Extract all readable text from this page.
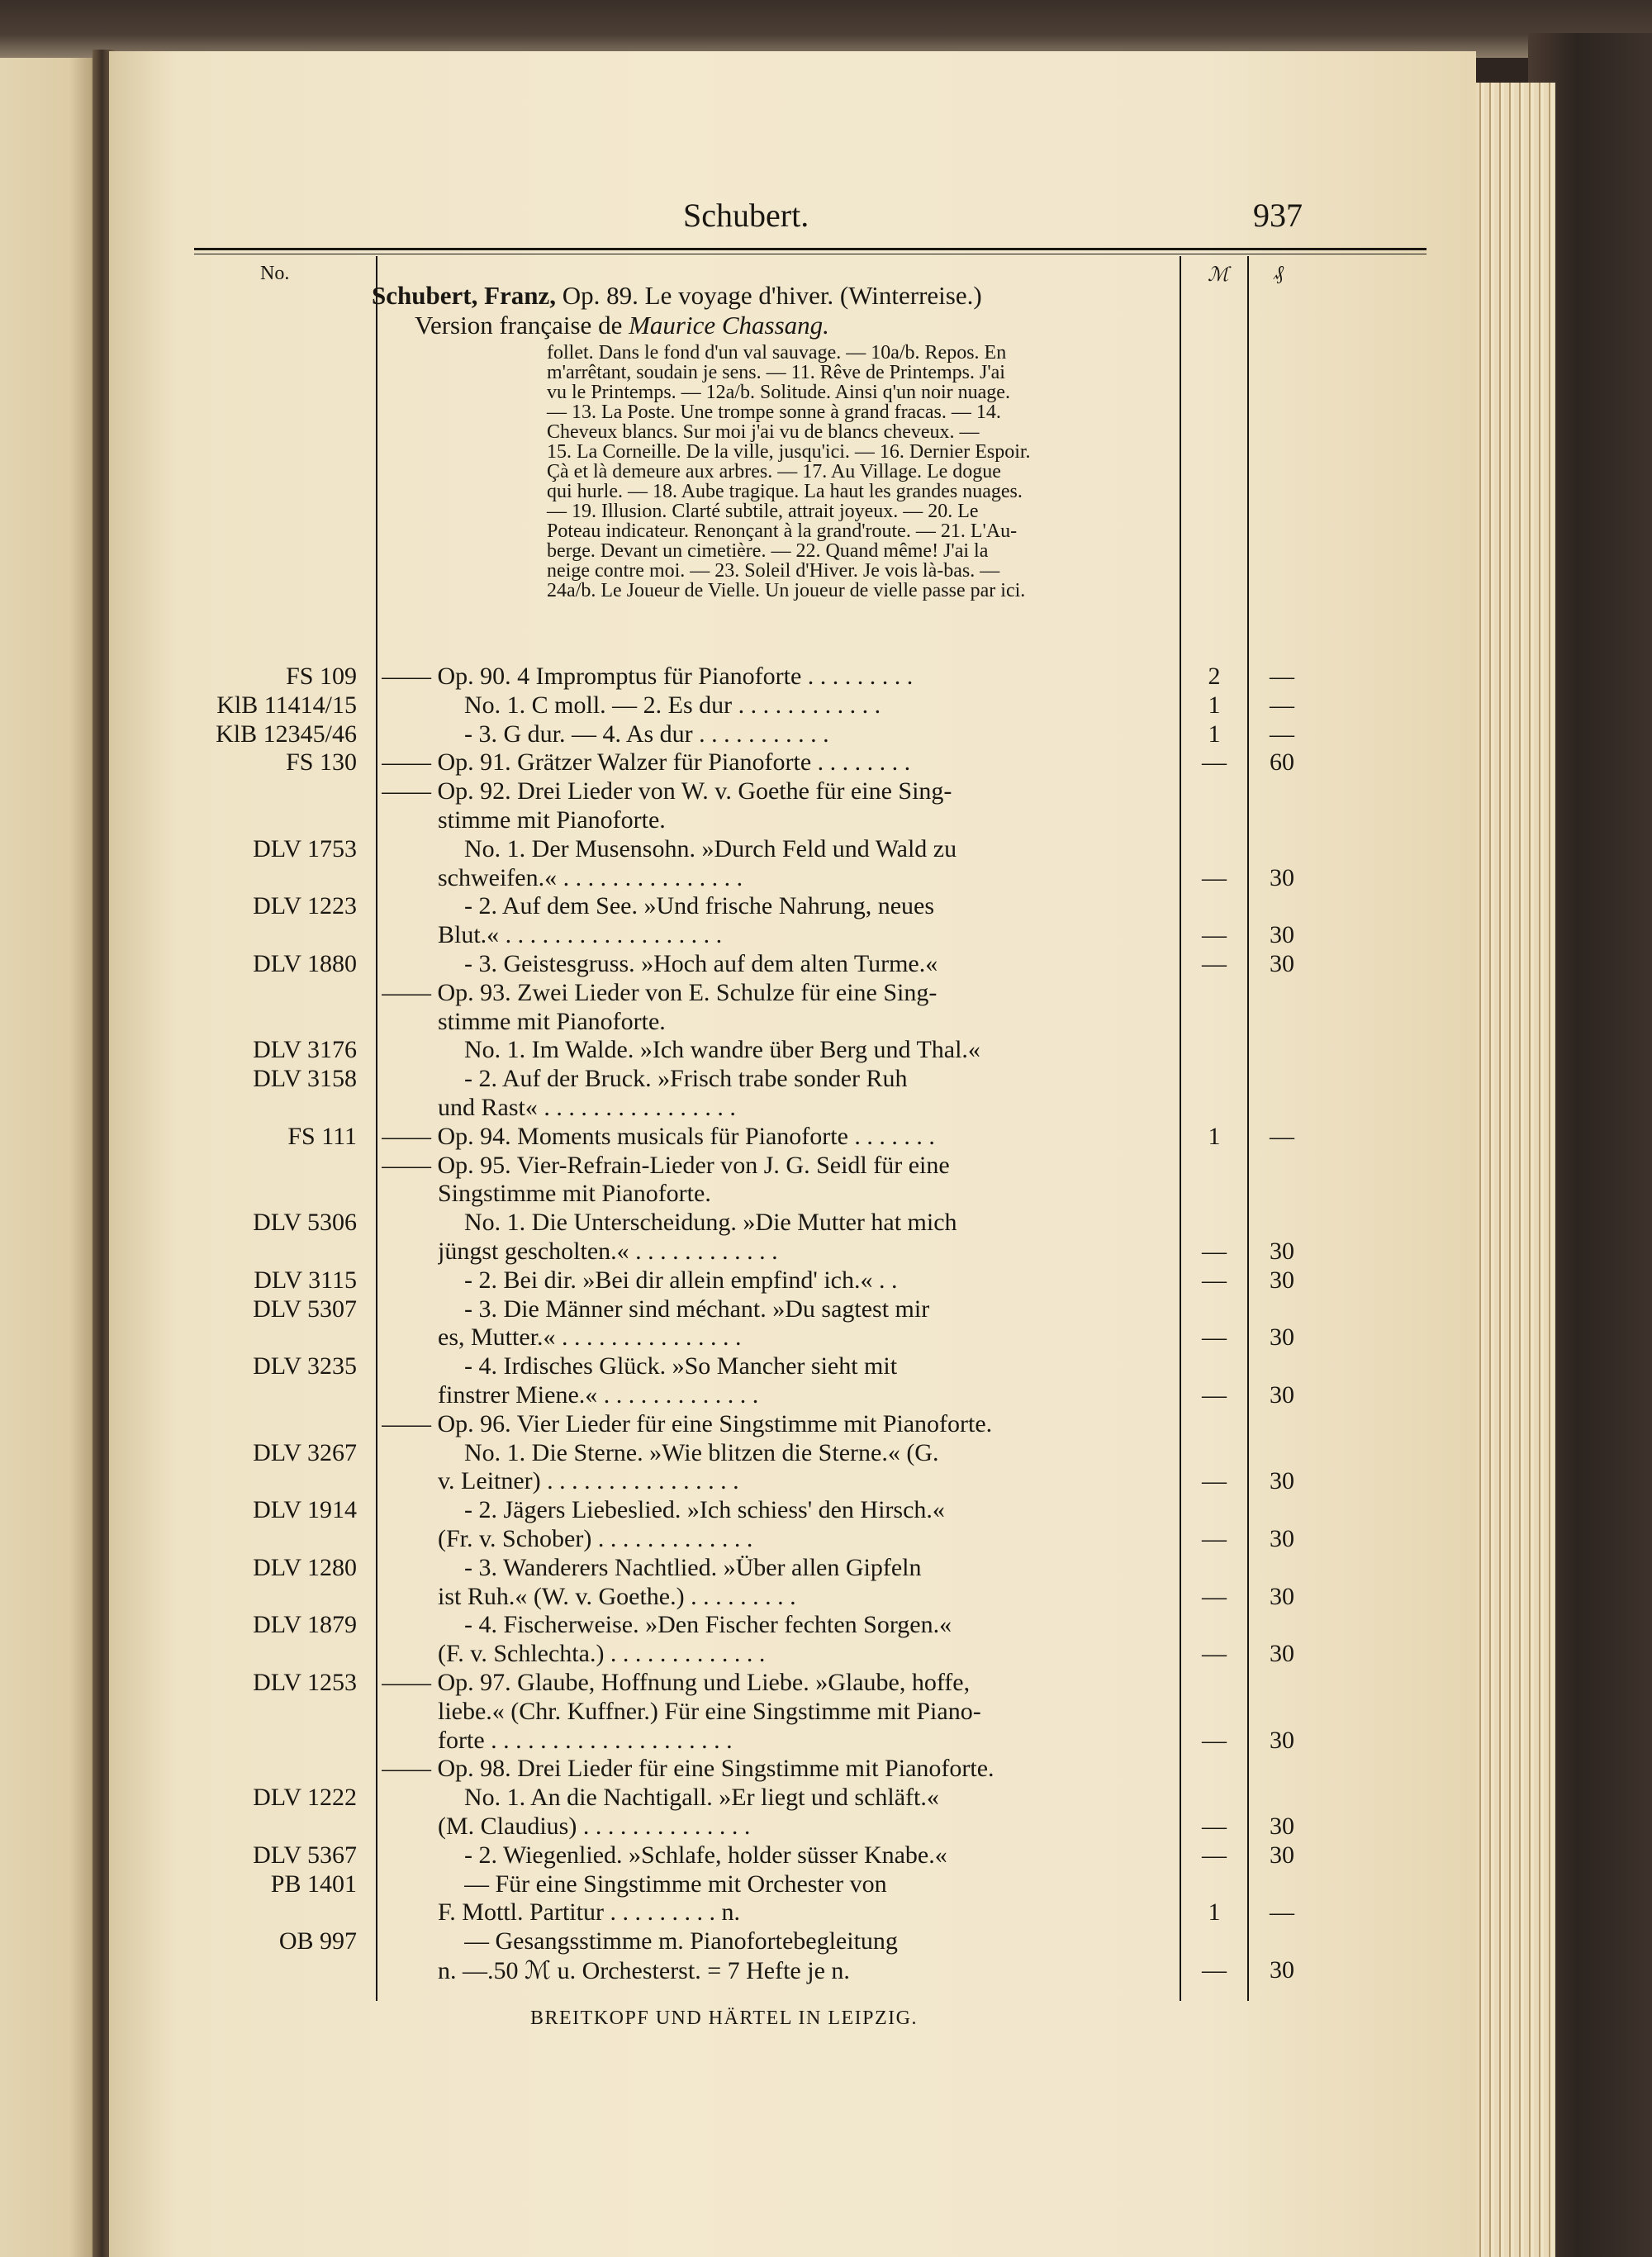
Schubert.	937
No.	ℳ ₰
Schubert, Franz, Op. 89. Le voyage d'hiver. (Winterreise.)
Version française de Maurice Chassang.
follet. Dans le fond d'un val sauvage. — 10a/b. Repos. En
m'arrêtant, soudain je sens. — 11. Rêve de Printemps. J'ai
vu le Printemps. — 12a/b. Solitude. Ainsi q'un noir nuage.
— 13. La Poste. Une trompe sonne à grand fracas. — 14.
Cheveux blancs. Sur moi j'ai vu de blancs cheveux. —
15. La Corneille. De la ville, jusqu'ici. — 16. Dernier Espoir.
Çà et là demeure aux arbres. — 17. Au Village. Le dogue
qui hurle. — 18. Aube tragique. La haut les grandes nuages.
— 19. Illusion. Clarté subtile, attrait joyeux. — 20. Le
Poteau indicateur. Renonçant à la grand'route. — 21. L'Au-
berge. Devant un cimetière. — 22. Quand même! J'ai la
neige contre moi. — 23. Soleil d'Hiver. Je vois là-bas. —
24a/b. Le Joueur de Vielle. Un joueur de vielle passe par ici.
FS 109 —— Op. 90. 4 Impromptus für Pianoforte . . . . . . . . .	2	—
KlB 11414/15	No. 1. C moll. — 2. Es dur . . . . . . . . . . . .	1	—
KlB 12345/46	- 3. G dur. — 4. As dur . . . . . . . . . . .	1	—
FS 130 —— Op. 91. Grätzer Walzer für Pianoforte . . . . . . . .	— 60
—— Op. 92. Drei Lieder von W. v. Goethe für eine Sing-
stimme mit Pianoforte.
DLV 1753	No. 1. Der Musensohn. »Durch Feld und Wald zu
schweifen.« . . . . . . . . . . . . . . .	— 30
DLV 1223	- 2. Auf dem See. »Und frische Nahrung, neues
Blut.« . . . . . . . . . . . . . . . . . .	— 30
DLV 1880	- 3. Geistesgruss. »Hoch auf dem alten Turme.«	— 30
—— Op. 93. Zwei Lieder von E. Schulze für eine Sing-
stimme mit Pianoforte.
DLV 3176	No. 1. Im Walde. »Ich wandre über Berg und Thal.«
DLV 3158	- 2. Auf der Bruck. »Frisch trabe sonder Ruh
und Rast« . . . . . . . . . . . . . . . .
FS 111 —— Op. 94. Moments musicals für Pianoforte . . . . . . .	1	—
—— Op. 95. Vier-Refrain-Lieder von J. G. Seidl für eine
Singstimme mit Pianoforte.
DLV 5306	No. 1. Die Unterscheidung. »Die Mutter hat mich
jüngst gescholten.« . . . . . . . . . . . .	— 30
DLV 3115	- 2. Bei dir. »Bei dir allein empfind' ich.« . .	— 30
DLV 5307	- 3. Die Männer sind méchant. »Du sagtest mir
es, Mutter.« . . . . . . . . . . . . . . .	— 30
DLV 3235	- 4. Irdisches Glück. »So Mancher sieht mit
finstrer Miene.« . . . . . . . . . . . . .	— 30
—— Op. 96. Vier Lieder für eine Singstimme mit Pianoforte.
DLV 3267	No. 1. Die Sterne. »Wie blitzen die Sterne.« (G.
v. Leitner) . . . . . . . . . . . . . . . .	— 30
DLV 1914	- 2. Jägers Liebeslied. »Ich schiess' den Hirsch.«
(Fr. v. Schober) . . . . . . . . . . . . .	— 30
DLV 1280	- 3. Wanderers Nachtlied. »Über allen Gipfeln
ist Ruh.« (W. v. Goethe.) . . . . . . . . .	— 30
DLV 1879	- 4. Fischerweise. »Den Fischer fechten Sorgen.«
(F. v. Schlechta.) . . . . . . . . . . . . .	— 30
DLV 1253 —— Op. 97. Glaube, Hoffnung und Liebe. »Glaube, hoffe,
liebe.« (Chr. Kuffner.) Für eine Singstimme mit Piano-
forte . . . . . . . . . . . . . . . . . . . .	— 30
—— Op. 98. Drei Lieder für eine Singstimme mit Pianoforte.
DLV 1222	No. 1. An die Nachtigall. »Er liegt und schläft.«
(M. Claudius) . . . . . . . . . . . . . .	— 30
DLV 5367	- 2. Wiegenlied. »Schlafe, holder süsser Knabe.«	— 30
PB 1401	— Für eine Singstimme mit Orchester von
F. Mottl. Partitur . . . . . . . . . n.	1	—
OB 997	— Gesangsstimme m. Pianofortebegleitung
n. —.50 ℳ u. Orchesterst. = 7 Hefte je n.	— 30
BREITKOPF UND HÄRTEL IN LEIPZIG.
